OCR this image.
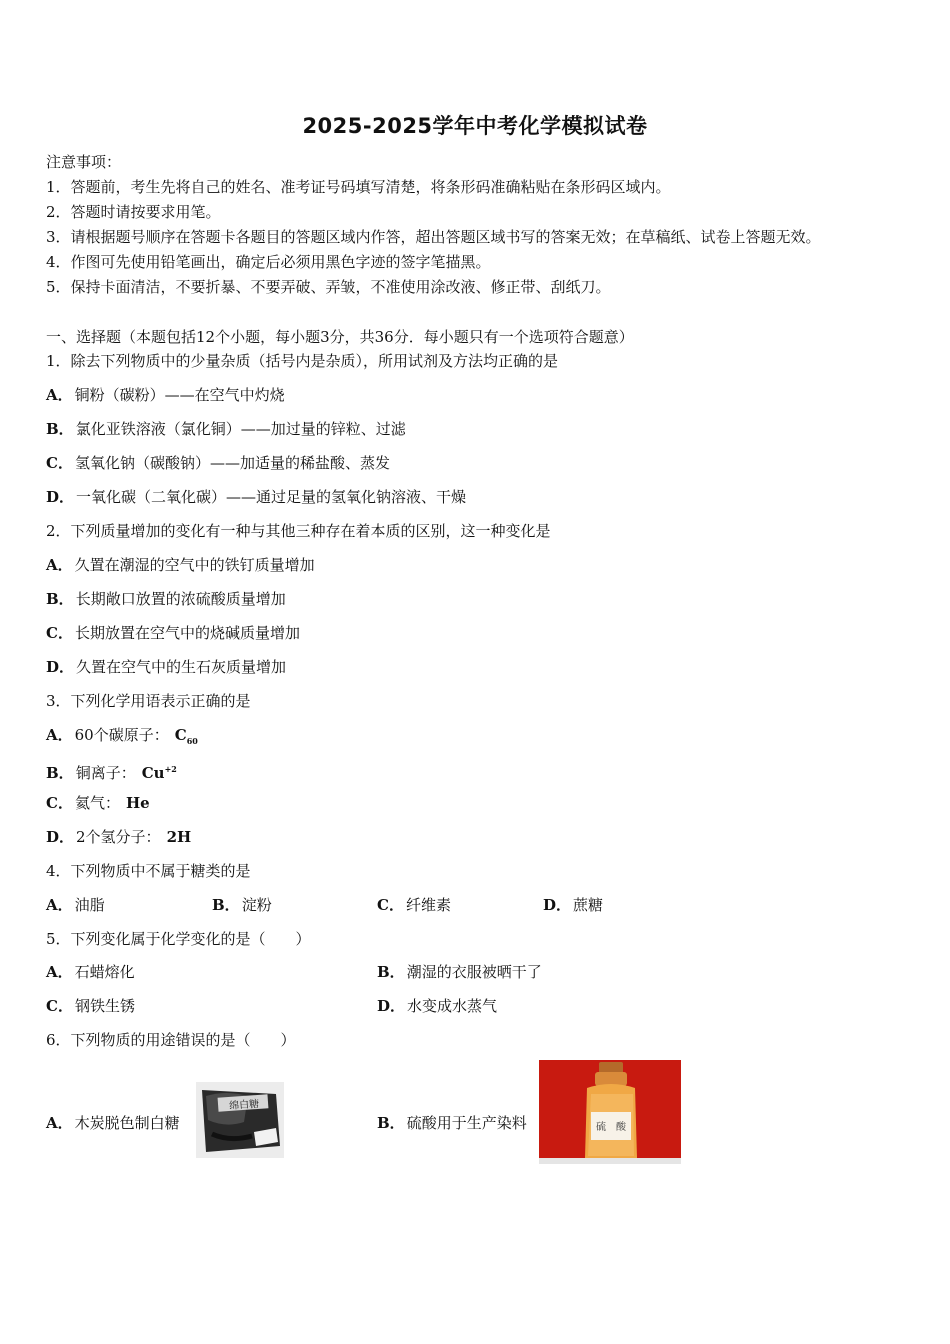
2025-2025学年中考化学模拟试卷
注意事项：
1．答题前，考生先将自己的姓名、准考证号码填写清楚，将条形码准确粘贴在条形码区域内。
2．答题时请按要求用笔。
3．请根据题号顺序在答题卡各题目的答题区域内作答，超出答题区域书写的答案无效；在草稿纸、试卷上答题无效。
4．作图可先使用铅笔画出，确定后必须用黑色字迹的签字笔描黑。
5．保持卡面清洁，不要折暴、不要弄破、弄皱，不准使用涂改液、修正带、刮纸刀。
一、选择题（本题包括12个小题，每小题3分，共36分．每小题只有一个选项符合题意）
1．除去下列物质中的少量杂质（括号内是杂质），所用试剂及方法均正确的是
A． 铜粉（碳粉）——在空气中灼烧
B． 氯化亚铁溶液（氯化铜）——加过量的锌粒、过滤
C． 氢氧化钠（碳酸钠）——加适量的稀盐酸、蒸发
D． 一氧化碳（二氧化碳）——通过足量的氢氧化钠溶液、干燥
2．下列质量增加的变化有一种与其他三种存在着本质的区别，这一种变化是
A． 久置在潮湿的空气中的铁钉质量增加
B． 长期敞口放置的浓硫酸质量增加
C． 长期放置在空气中的烧碱质量增加
D． 久置在空气中的生石灰质量增加
3．下列化学用语表示正确的是
A． 60个碳原子： $C_{60}$
B． 铜离子： $Cu^{+2}$
C． 氦气： He
D． 2个氢分子： 2H
4．下列物质中不属于糖类的是
A． 油脂	B． 淀粉	C． 纤维素	D． 蔗糖
5．下列变化属于化学变化的是（　　）
A． 石蜡熔化	B． 潮湿的衣服被晒干了
C． 钢铁生锈	D． 水变成水蒸气
6．下列物质的用途错误的是（　　）
A． 木炭脱色制白糖	B． 硫酸用于生产染料
绵白糖
硫　酸
